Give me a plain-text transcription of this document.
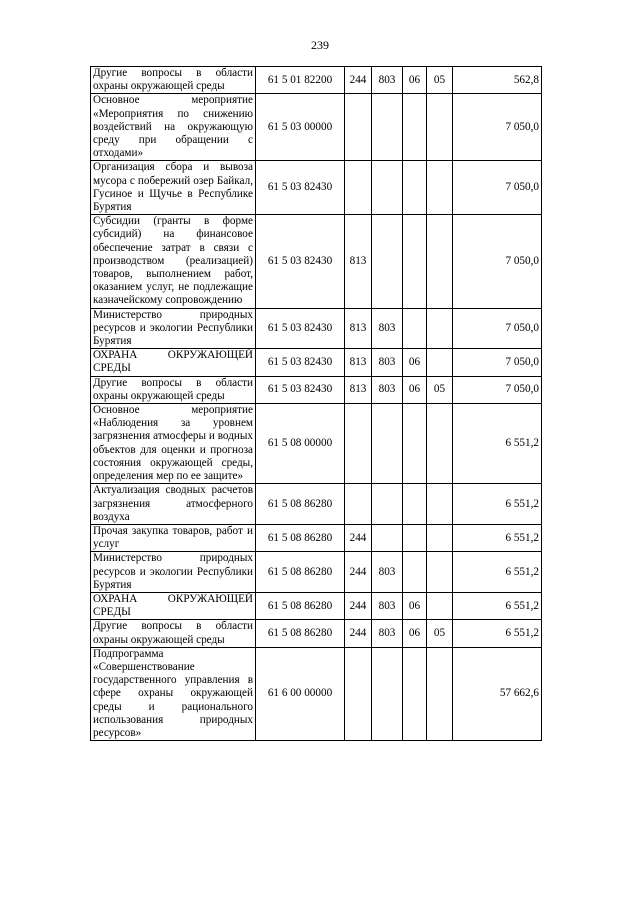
239
Другие вопросы в области охраны окружающей среды	61 5 01 82200	244	803	06	05	562,8
Основное мероприятие «Мероприятия по снижению воздействий на окружающую среду при обращении с отходами»	61 5 03 00000					7 050,0
Организация сбора и вывоза мусора с побережий озер Байкал, Гусиное и Щучье в Республике Бурятия	61 5 03 82430					7 050,0
Субсидии (гранты в форме субсидий) на финансовое обеспечение затрат в связи с производством (реализацией) товаров, выполнением работ, оказанием услуг, не подлежащие казначейскому сопровождению	61 5 03 82430	813				7 050,0
Министерство природных ресурсов и экологии Республики Бурятия	61 5 03 82430	813	803			7 050,0
ОХРАНА ОКРУЖАЮЩЕЙ СРЕДЫ	61 5 03 82430	813	803	06		7 050,0
Другие вопросы в области охраны окружающей среды	61 5 03 82430	813	803	06	05	7 050,0
Основное мероприятие «Наблюдения за уровнем загрязнения атмосферы и водных объектов для оценки и прогноза состояния окружающей среды, определения мер по ее защите»	61 5 08 00000					6 551,2
Актуализация сводных расчетов загрязнения атмосферного воздуха	61 5 08 86280					6 551,2
Прочая закупка товаров, работ и услуг	61 5 08 86280	244				6 551,2
Министерство природных ресурсов и экологии Республики Бурятия	61 5 08 86280	244	803			6 551,2
ОХРАНА ОКРУЖАЮЩЕЙ СРЕДЫ	61 5 08 86280	244	803	06		6 551,2
Другие вопросы в области охраны окружающей среды	61 5 08 86280	244	803	06	05	6 551,2
Подпрограмма «Совершенствование государственного управления в сфере охраны окружающей среды и рационального использования природных ресурсов»	61 6 00 00000					57 662,6
